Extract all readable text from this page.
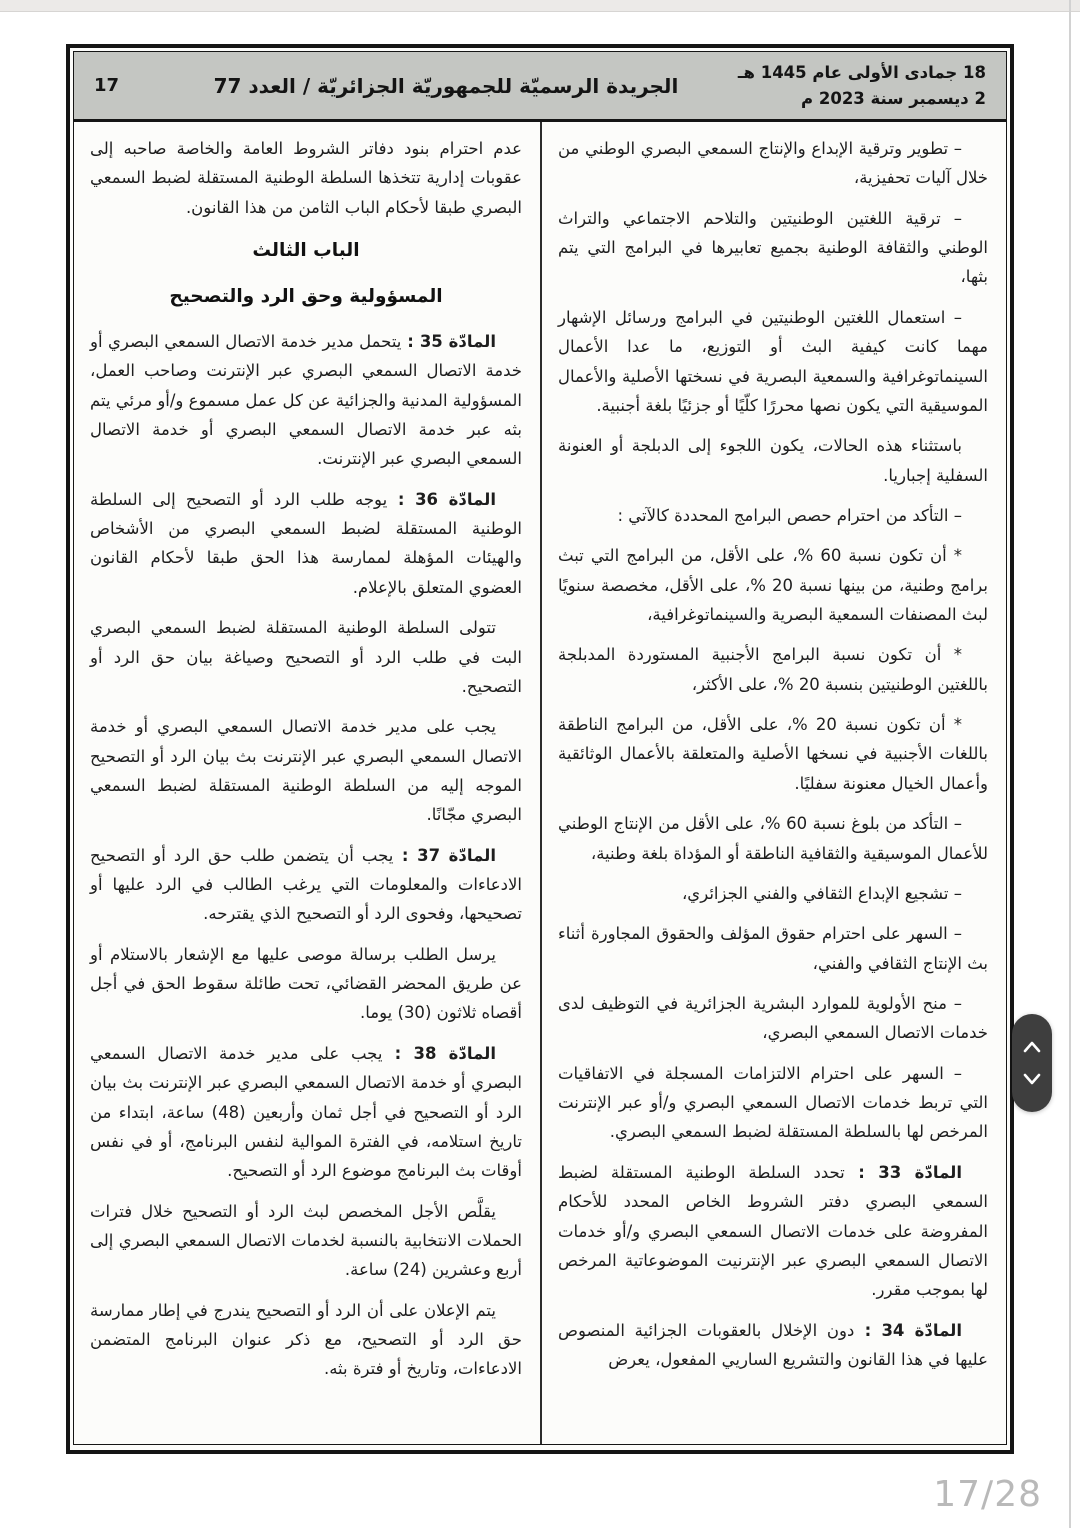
18 جمادى الأولى عام 1445 هـ
2 ديسمبر سنة 2023 م
الجريدة الرسميّة للجمهوريّة الجزائريّة / العدد 77
17

– تطوير وترقية الإبداع والإنتاج السمعي البصري الوطني من خلال آليات تحفيزية،

– ترقية اللغتين الوطنيتين والتلاحم الاجتماعي والتراث الوطني والثقافة الوطنية بجميع تعابيرها في البرامج التي يتم بثها،

– استعمال اللغتين الوطنيتين في البرامج ورسائل الإشهار مهما كانت كيفية البث أو التوزيع، ما عدا الأعمال السينماتوغرافية والسمعية البصرية في نسختها الأصلية والأعمال الموسيقية التي يكون نصها محررًا كلّيًا أو جزئيًا بلغة أجنبية.

باستثناء هذه الحالات، يكون اللجوء إلى الدبلجة أو العنونة السفلية إجباريا.

– التأكد من احترام حصص البرامج المحددة كالآتي :

* أن تكون نسبة 60 %، على الأقل، من البرامج التي تبث برامج وطنية، من بينها نسبة 20 %، على الأقل، مخصصة سنويًا لبث المصنفات السمعية البصرية والسينماتوغرافية،

* أن تكون نسبة البرامج الأجنبية المستوردة المدبلجة باللغتين الوطنيتين بنسبة 20 %، على الأكثر،

* أن تكون نسبة 20 %، على الأقل، من البرامج الناطقة باللغات الأجنبية في نسخها الأصلية والمتعلقة بالأعمال الوثائقية وأعمال الخيال معنونة سفليًا.

– التأكد من بلوغ نسبة 60 %، على الأقل من الإنتاج الوطني للأعمال الموسيقية والثقافية الناطقة أو المؤداة بلغة وطنية،

– تشجيع الإبداع الثقافي والفني الجزائري،

– السهر على احترام حقوق المؤلف والحقوق المجاورة أثناء بث الإنتاج الثقافي والفني،

– منح الأولوية للموارد البشرية الجزائرية في التوظيف لدى خدمات الاتصال السمعي البصري،

– السهر على احترام الالتزامات المسجلة في الاتفاقيات التي تربط خدمات الاتصال السمعي البصري و/أو عبر الإنترنت المرخص لها بالسلطة المستقلة لضبط السمعي البصري.

المادّة 33 : تحدد السلطة الوطنية المستقلة لضبط السمعي البصري دفتر الشروط الخاص المحدد للأحكام المفروضة على خدمات الاتصال السمعي البصري و/أو خدمات الاتصال السمعي البصري عبر الإنترنيت الموضوعاتية المرخص لها بموجب مقرر.

المادّة 34 : دون الإخلال بالعقوبات الجزائية المنصوص عليها في هذا القانون والتشريع الساريي المفعول، يعرض

عدم احترام بنود دفاتر الشروط العامة والخاصة صاحبه إلى عقوبات إدارية تتخذها السلطة الوطنية المستقلة لضبط السمعي البصري طبقا لأحكام الباب الثامن من هذا القانون.

الباب الثالث
المسؤولية وحق الرد والتصحيح

المادّة 35 : يتحمل مدير خدمة الاتصال السمعي البصري أو خدمة الاتصال السمعي البصري عبر الإنترنت وصاحب العمل، المسؤولية المدنية والجزائية عن كل عمل مسموع و/أو مرئي يتم بثه عبر خدمة الاتصال السمعي البصري أو خدمة الاتصال السمعي البصري عبر الإنترنت.

المادّة 36 : يوجه طلب الرد أو التصحيح إلى السلطة الوطنية المستقلة لضبط السمعي البصري من الأشخاص والهيئات المؤهلة لممارسة هذا الحق طبقا لأحكام القانون العضوي المتعلق بالإعلام.

تتولى السلطة الوطنية المستقلة لضبط السمعي البصري البت في طلب الرد أو التصحيح وصياغة بيان حق الرد أو التصحيح.

يجب على مدير خدمة الاتصال السمعي البصري أو خدمة الاتصال السمعي البصري عبر الإنترنت بث بيان الرد أو التصحيح الموجه إليه من السلطة الوطنية المستقلة لضبط السمعي البصري مجّانًا.

المادّة 37 : يجب أن يتضمن طلب حق الرد أو التصحيح الادعاءات والمعلومات التي يرغب الطالب في الرد عليها أو تصحيحها، وفحوى الرد أو التصحيح الذي يقترحه.

يرسل الطلب برسالة موصى عليها مع الإشعار بالاستلام أو عن طريق المحضر القضائي، تحت طائلة سقوط الحق في أجل أقصاه ثلاثون (30) يوما.

المادّة 38 : يجب على مدير خدمة الاتصال السمعي البصري أو خدمة الاتصال السمعي البصري عبر الإنترنت بث بيان الرد أو التصحيح في أجل ثمان وأربعين (48) ساعة، ابتداء من تاريخ استلامه، في الفترة الموالية لنفس البرنامج، أو في نفس أوقات بث البرنامج موضوع الرد أو التصحيح.

يقلَّص الأجل المخصص لبث الرد أو التصحيح خلال فترات الحملات الانتخابية بالنسبة لخدمات الاتصال السمعي البصري إلى أربع وعشرين (24) ساعة.

يتم الإعلان على أن الرد أو التصحيح يندرج في إطار ممارسة حق الرد أو التصحيح، مع ذكر عنوان البرنامج المتضمن الادعاءات، وتاريخ أو فترة بثه.

17/28
